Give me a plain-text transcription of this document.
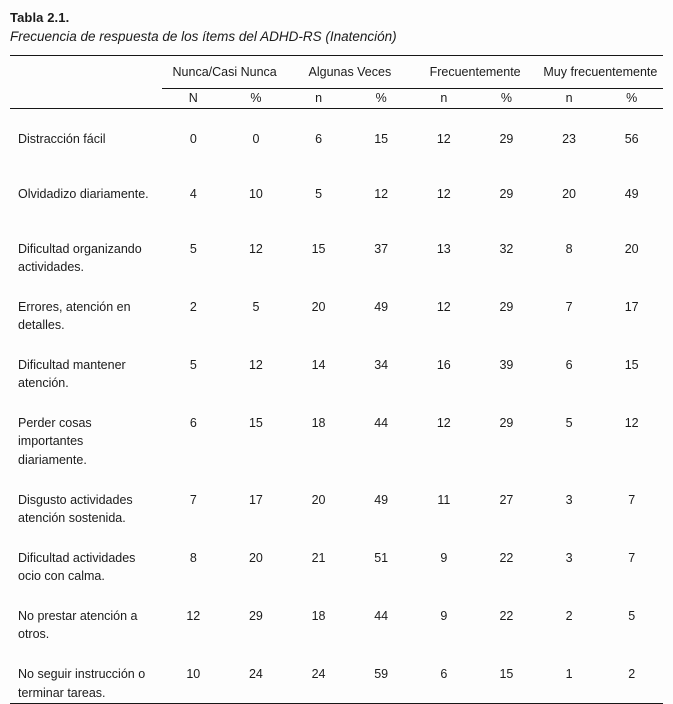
Tabla 2.1.
Frecuencia de respuesta de los ítems del ADHD-RS (Inatención)
	Nunca/Casi Nunca		Algunas Veces		Frecuentemente		Muy frecuentemente	
	N	%	n	%	n	%	n	%
Distracción fácil	0	0	6	15	12	29	23	56
Olvidadizo diariamente.	4	10	5	12	12	29	20	49
Dificultad organizando actividades.	5	12	15	37	13	32	8	20
Errores, atención en detalles.	2	5	20	49	12	29	7	17
Dificultad mantener atención.	5	12	14	34	16	39	6	15
Perder cosas importantes diariamente.	6	15	18	44	12	29	5	12
Disgusto actividades atención sostenida.	7	17	20	49	11	27	3	7
Dificultad actividades ocio con calma.	8	20	21	51	9	22	3	7
No prestar atención a otros.	12	29	18	44	9	22	2	5
No seguir instrucción o terminar tareas.	10	24	24	59	6	15	1	2
